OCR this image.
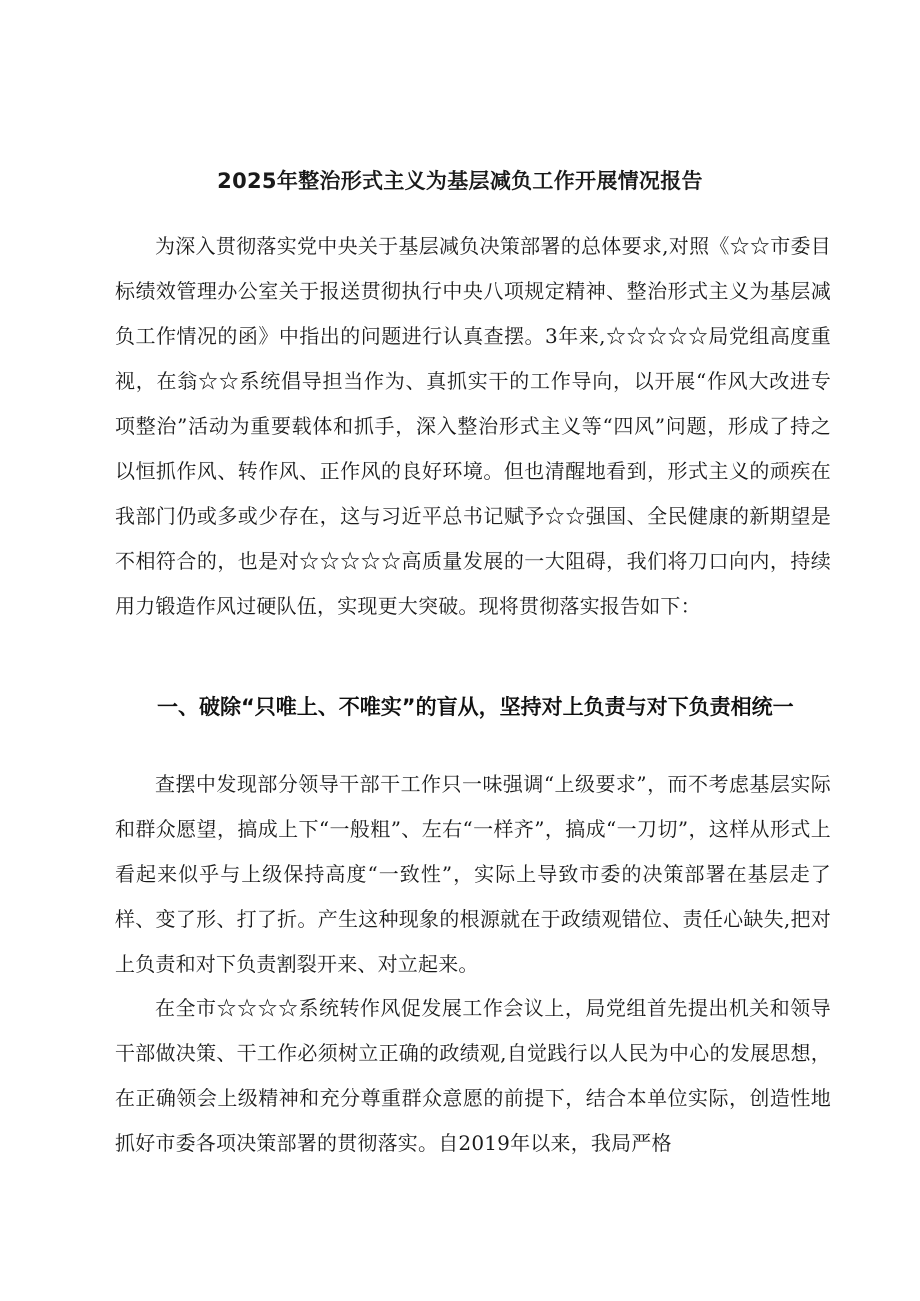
2025年整治形式主义为基层减负工作开展情况报告

为深入贯彻落实党中央关于基层减负决策部署的总体要求,对照《☆☆市委目标绩效管理办公室关于报送贯彻执行中央八项规定精神、整治形式主义为基层减负工作情况的函》中指出的问题进行认真查摆。3年来,☆☆☆☆☆局党组高度重视，在翁☆☆系统倡导担当作为、真抓实干的工作导向，以开展“作风大改进专项整治”活动为重要载体和抓手，深入整治形式主义等“四风”问题，形成了持之以恒抓作风、转作风、正作风的良好环境。但也清醒地看到，形式主义的顽疾在我部门仍或多或少存在，这与习近平总书记赋予☆☆强国、全民健康的新期望是不相符合的，也是对☆☆☆☆☆高质量发展的一大阻碍，我们将刀口向内，持续用力锻造作风过硬队伍，实现更大突破。现将贯彻落实报告如下：

一、破除“只唯上、不唯实”的盲从，坚持对上负责与对下负责相统一

查摆中发现部分领导干部干工作只一味强调“上级要求”，而不考虑基层实际和群众愿望，搞成上下“一般粗”、左右“一样齐”，搞成“一刀切”，这样从形式上看起来似乎与上级保持高度“一致性”，实际上导致市委的决策部署在基层走了样、变了形、打了折。产生这种现象的根源就在于政绩观错位、责任心缺失,把对上负责和对下负责割裂开来、对立起来。

在全市☆☆☆☆系统转作风促发展工作会议上，局党组首先提出机关和领导干部做决策、干工作必须树立正确的政绩观,自觉践行以人民为中心的发展思想，在正确领会上级精神和充分尊重群众意愿的前提下，结合本单位实际，创造性地抓好市委各项决策部署的贯彻落实。自2019年以来，我局严格
